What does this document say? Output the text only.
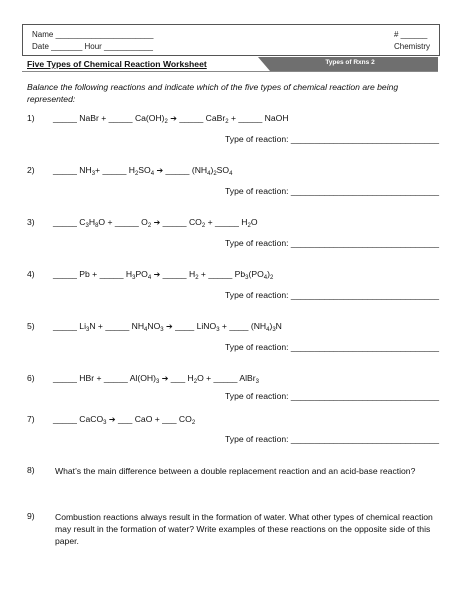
Name ______________________	# ______
Date _______ Hour ___________	Chemistry
Five Types of Chemical Reaction Worksheet	Types of Rxns 2
Balance the following reactions and indicate which of the five types of chemical reaction are being represented:
1) _____ NaBr + _____ $Ca(OH)_2$ ➔ _____ CaBr$_2$ + _____ NaOH
Type of reaction: _______________________________
2) _____ $NH_3+$ _____ $H_2SO_4$ ➔ _____ $(NH_4)_2SO_4$
Type of reaction: _______________________________
3) _____ $C_3H_8O$ + _____ $O_2$ ➔ _____ $CO_2$ + _____ $H_2O$
Type of reaction: _______________________________
4) _____ Pb + _____ $H_3PO_4$ ➔ _____ $H_2$ + _____ $Pb_3(PO_4)_2$
Type of reaction: _______________________________
5) _____ $Li_3N$ + _____ $NH_4NO_3$ ➔ ____ LiNO$_3$ + ____ $(NH_4)_3N$
Type of reaction: _______________________________
6) _____ HBr + _____ $Al(OH)_3$ ➔ ___ $H_2O$ + _____ AlBr$_3$
Type of reaction: _______________________________
7) _____ CaCO$_3$ ➔ ___ CaO + ___ $CO_2$
Type of reaction: _______________________________
8) What’s the main difference between a double replacement reaction and an acid-base reaction?
9) Combustion reactions always result in the formation of water. What other types of chemical reaction may result in the formation of water? Write examples of these reactions on the opposite side of this paper.
